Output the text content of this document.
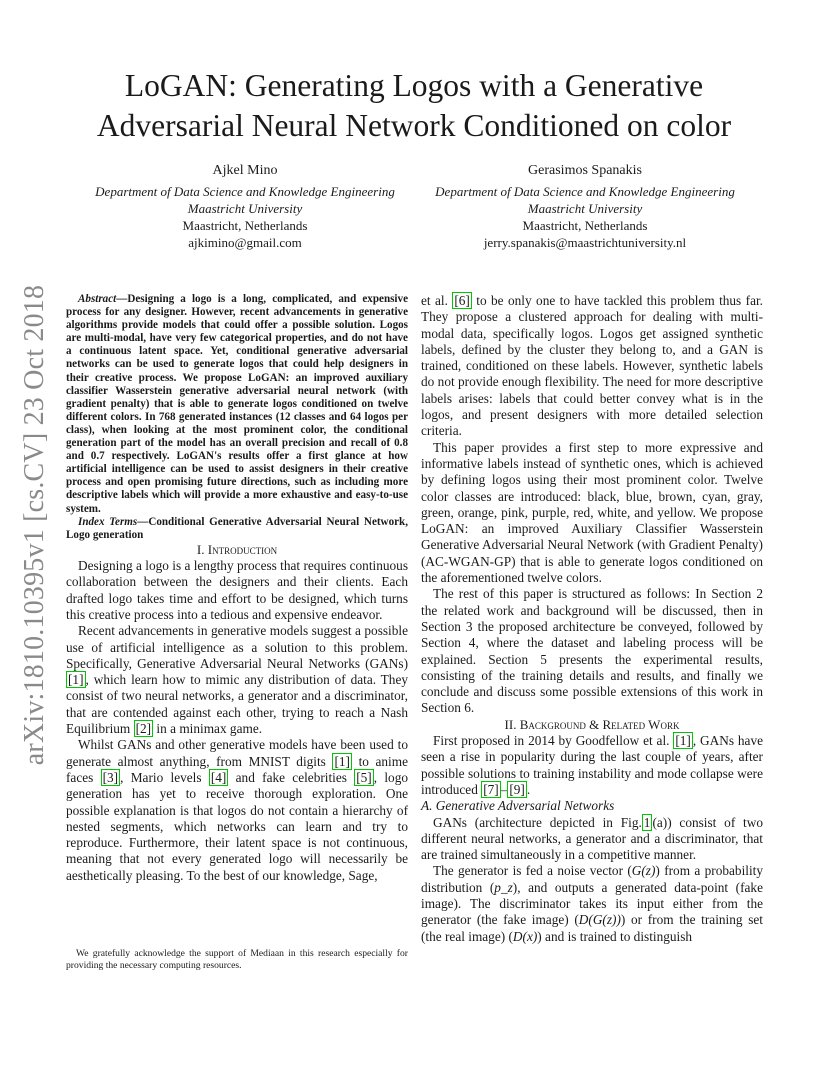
LoGAN: Generating Logos with a Generative Adversarial Neural Network Conditioned on color
Ajkel Mino
Department of Data Science and Knowledge Engineering
Maastricht University
Maastricht, Netherlands
ajkimino@gmail.com
Gerasimos Spanakis
Department of Data Science and Knowledge Engineering
Maastricht University
Maastricht, Netherlands
jerry.spanakis@maastrichtuniversity.nl
arXiv:1810.10395v1 [cs.CV] 23 Oct 2018	Abstract—Designing a logo is a long, complicated, and expensive process for any designer. However, recent advancements in generative algorithms provide models that could offer a possible solution. Logos are multi-modal, have very few categorical properties, and do not have a continuous latent space. Yet, conditional generative adversarial networks can be used to generate logos that could help designers in their creative process. We propose LoGAN: an improved auxiliary classifier Wasserstein generative adversarial neural network (with gradient penalty) that is able to generate logos conditioned on twelve different colors. In 768 generated instances (12 classes and 64 logos per class), when looking at the most prominent color, the conditional generation part of the model has an overall precision and recall of 0.8 and 0.7 respectively. LoGAN's results offer a first glance at how artificial intelligence can be used to assist designers in their creative process and open promising future directions, such as including more descriptive labels which will provide a more exhaustive and easy-to-use system.

Index Terms—Conditional Generative Adversarial Neural Network, Logo generation

I. Introduction

Designing a logo is a lengthy process that requires continuous collaboration between the designers and their clients. Each drafted logo takes time and effort to be designed, which turns this creative process into a tedious and expensive endeavor.

Recent advancements in generative models suggest a possible use of artificial intelligence as a solution to this problem. Specifically, Generative Adversarial Neural Networks (GANs) [1] , which learn how to mimic any distribution of data. They consist of two neural networks, a generator and a discriminator, that are contended against each other, trying to reach a Nash Equilibrium [2] in a minimax game.

Whilst GANs and other generative models have been used to generate almost anything, from MNIST digits [1] to anime faces [3] , Mario levels [4] and fake celebrities [5] , logo generation has yet to receive thorough exploration. One possible explanation is that logos do not contain a hierarchy of nested segments, which networks can learn and try to reproduce. Furthermore, their latent space is not continuous, meaning that not every generated logo will necessarily be aesthetically pleasing. To the best of our knowledge, Sage,

We gratefully acknowledge the support of Mediaan in this research especially for providing the necessary computing resources.

et al. [6] to be only one to have tackled this problem thus far. They propose a clustered approach for dealing with multi-modal data, specifically logos. Logos get assigned synthetic labels, defined by the cluster they belong to, and a GAN is trained, conditioned on these labels. However, synthetic labels do not provide enough flexibility. The need for more descriptive labels arises: labels that could better convey what is in the logos, and present designers with more detailed selection criteria.

This paper provides a first step to more expressive and informative labels instead of synthetic ones, which is achieved by defining logos using their most prominent color. Twelve color classes are introduced: black, blue, brown, cyan, gray, green, orange, pink, purple, red, white, and yellow. We propose LoGAN: an improved Auxiliary Classifier Wasserstein Generative Adversarial Neural Network (with Gradient Penalty) (AC-WGAN-GP) that is able to generate logos conditioned on the aforementioned twelve colors.

The rest of this paper is structured as follows: In Section 2 the related work and background will be discussed, then in Section 3 the proposed architecture be conveyed, followed by Section 4, where the dataset and labeling process will be explained. Section 5 presents the experimental results, consisting of the training details and results, and finally we conclude and discuss some possible extensions of this work in Section 6.

II. Background & Related Work

First proposed in 2014 by Goodfellow et al. [1] , GANs have seen a rise in popularity during the last couple of years, after possible solutions to training instability and mode collapse were introduced [7] – [9] .

A. Generative Adversarial Networks

GANs (architecture depicted in Fig. 1 (a)) consist of two different neural networks, a generator and a discriminator, that are trained simultaneously in a competitive manner.

The generator is fed a noise vector (G(z)) from a probability distribution (p_z), and outputs a generated data-point (fake image). The discriminator takes its input either from the generator (the fake image) (D(G(z))) or from the training set (the real image) (D(x)) and is trained to distinguish
